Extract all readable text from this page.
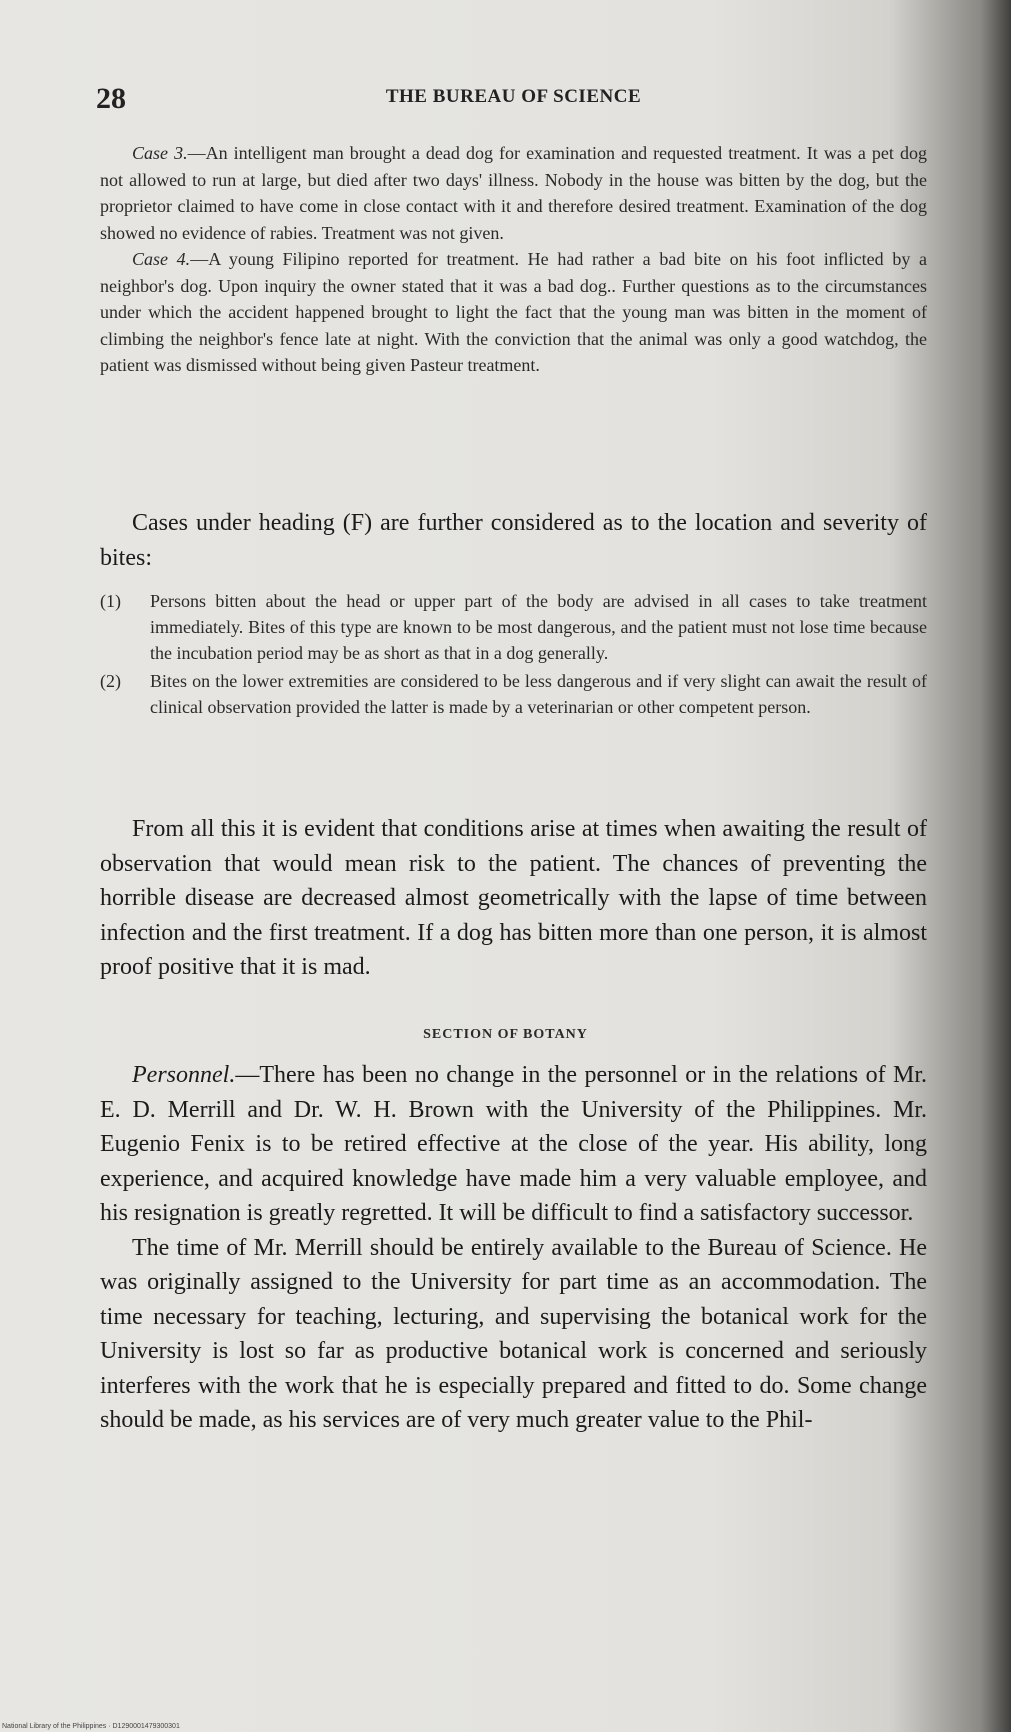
28	THE BUREAU OF SCIENCE

Case 3.—An intelligent man brought a dead dog for examination and requested treatment. It was a pet dog not allowed to run at large, but died after two days' illness. Nobody in the house was bitten by the dog, but the proprietor claimed to have come in close contact with it and therefore desired treatment. Examination of the dog showed no evidence of rabies. Treatment was not given.

Case 4.—A young Filipino reported for treatment. He had rather a bad bite on his foot inflicted by a neighbor's dog. Upon inquiry the owner stated that it was a bad dog.. Further questions as to the circumstances under which the accident happened brought to light the fact that the young man was bitten in the moment of climbing the neighbor's fence late at night. With the conviction that the animal was only a good watchdog, the patient was dismissed without being given Pasteur treatment.

Cases under heading (F) are further considered as to the location and severity of bites:

(1) Persons bitten about the head or upper part of the body are advised in all cases to take treatment immediately. Bites of this type are known to be most dangerous, and the patient must not lose time because the incubation period may be as short as that in a dog generally.
(2) Bites on the lower extremities are considered to be less dangerous and if very slight can await the result of clinical observation provided the latter is made by a veterinarian or other competent person.

From all this it is evident that conditions arise at times when awaiting the result of observation that would mean risk to the patient. The chances of preventing the horrible disease are decreased almost geometrically with the lapse of time between infection and the first treatment. If a dog has bitten more than one person, it is almost proof positive that it is mad.

SECTION OF BOTANY

Personnel.—There has been no change in the personnel or in the relations of Mr. E. D. Merrill and Dr. W. H. Brown with the University of the Philippines. Mr. Eugenio Fenix is to be retired effective at the close of the year. His ability, long experience, and acquired knowledge have made him a very valuable employee, and his resignation is greatly regretted. It will be difficult to find a satisfactory successor.

The time of Mr. Merrill should be entirely available to the Bureau of Science. He was originally assigned to the University for part time as an accommodation. The time necessary for teaching, lecturing, and supervising the botanical work for the University is lost so far as productive botanical work is concerned and seriously interferes with the work that he is especially prepared and fitted to do. Some change should be made, as his services are of very much greater value to the Phil-

National Library of the Philippines · D1290001479300301
